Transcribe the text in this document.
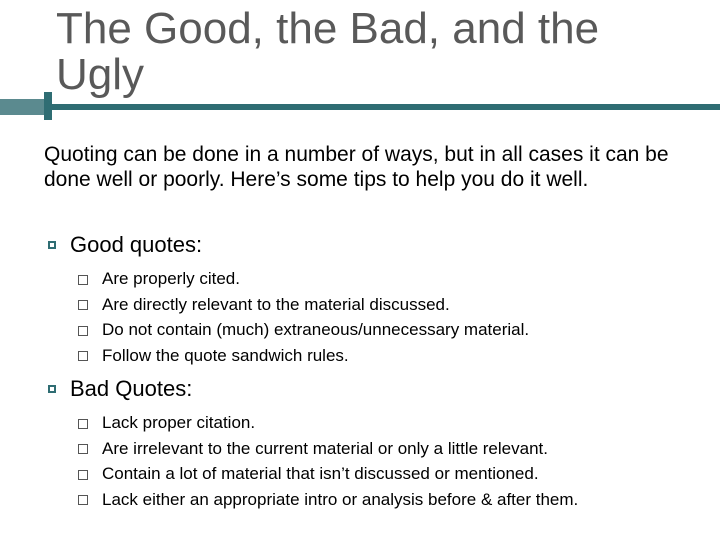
The Good, the Bad, and the Ugly

Quoting can be done in a number of ways, but in all cases it can be done well or poorly. Here’s some tips to help you do it well.

Good quotes:
Are properly cited.
Are directly relevant to the material discussed.
Do not contain (much) extraneous/unnecessary material.
Follow the quote sandwich rules.
Bad Quotes:
Lack proper citation.
Are irrelevant to the current material or only a little relevant.
Contain a lot of material that isn’t discussed or mentioned.
Lack either an appropriate intro or analysis before & after them.
